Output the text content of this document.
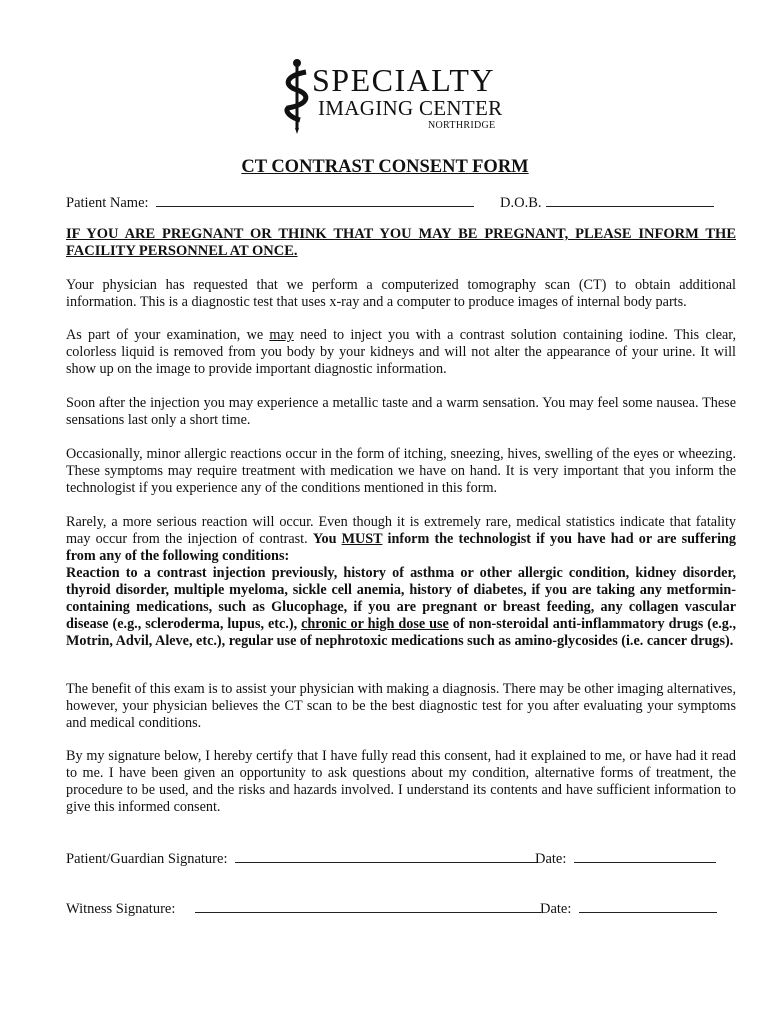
SPECIALTY
IMAGING CENTER
NORTHRIDGE
CT CONTRAST CONSENT FORM
Patient Name:	D.O.B.
IF YOU ARE PREGNANT OR THINK THAT YOU MAY BE PREGNANT, PLEASE INFORM THE FACILITY PERSONNEL AT ONCE.
Your physician has requested that we perform a computerized tomography scan (CT) to obtain additional information. This is a diagnostic test that uses x-ray and a computer to produce images of internal body parts.
As part of your examination, we may need to inject you with a contrast solution containing iodine. This clear, colorless liquid is removed from you body by your kidneys and will not alter the appearance of your urine. It will show up on the image to provide important diagnostic information.
Soon after the injection you may experience a metallic taste and a warm sensation. You may feel some nausea. These sensations last only a short time.
Occasionally, minor allergic reactions occur in the form of itching, sneezing, hives, swelling of the eyes or wheezing. These symptoms may require treatment with medication we have on hand. It is very important that you inform the technologist if you experience any of the conditions mentioned in this form.
Rarely, a more serious reaction will occur. Even though it is extremely rare, medical statistics indicate that fatality may occur from the injection of contrast. You MUST inform the technologist if you have had or are suffering from any of the following conditions:
Reaction to a contrast injection previously, history of asthma or other allergic condition, kidney disorder, thyroid disorder, multiple myeloma, sickle cell anemia, history of diabetes, if you are taking any metformin-containing medications, such as Glucophage, if you are pregnant or breast feeding, any collagen vascular disease (e.g., scleroderma, lupus, etc.), chronic or high dose use of non-steroidal anti-inflammatory drugs (e.g., Motrin, Advil, Aleve, etc.), regular use of nephrotoxic medications such as amino-glycosides (i.e. cancer drugs).
The benefit of this exam is to assist your physician with making a diagnosis. There may be other imaging alternatives, however, your physician believes the CT scan to be the best diagnostic test for you after evaluating your symptoms and medical conditions.
By my signature below, I hereby certify that I have fully read this consent, had it explained to me, or have had it read to me. I have been given an opportunity to ask questions about my condition, alternative forms of treatment, the procedure to be used, and the risks and hazards involved. I understand its contents and have sufficient information to give this informed consent.
Patient/Guardian Signature:	Date:
Witness Signature:	Date:
